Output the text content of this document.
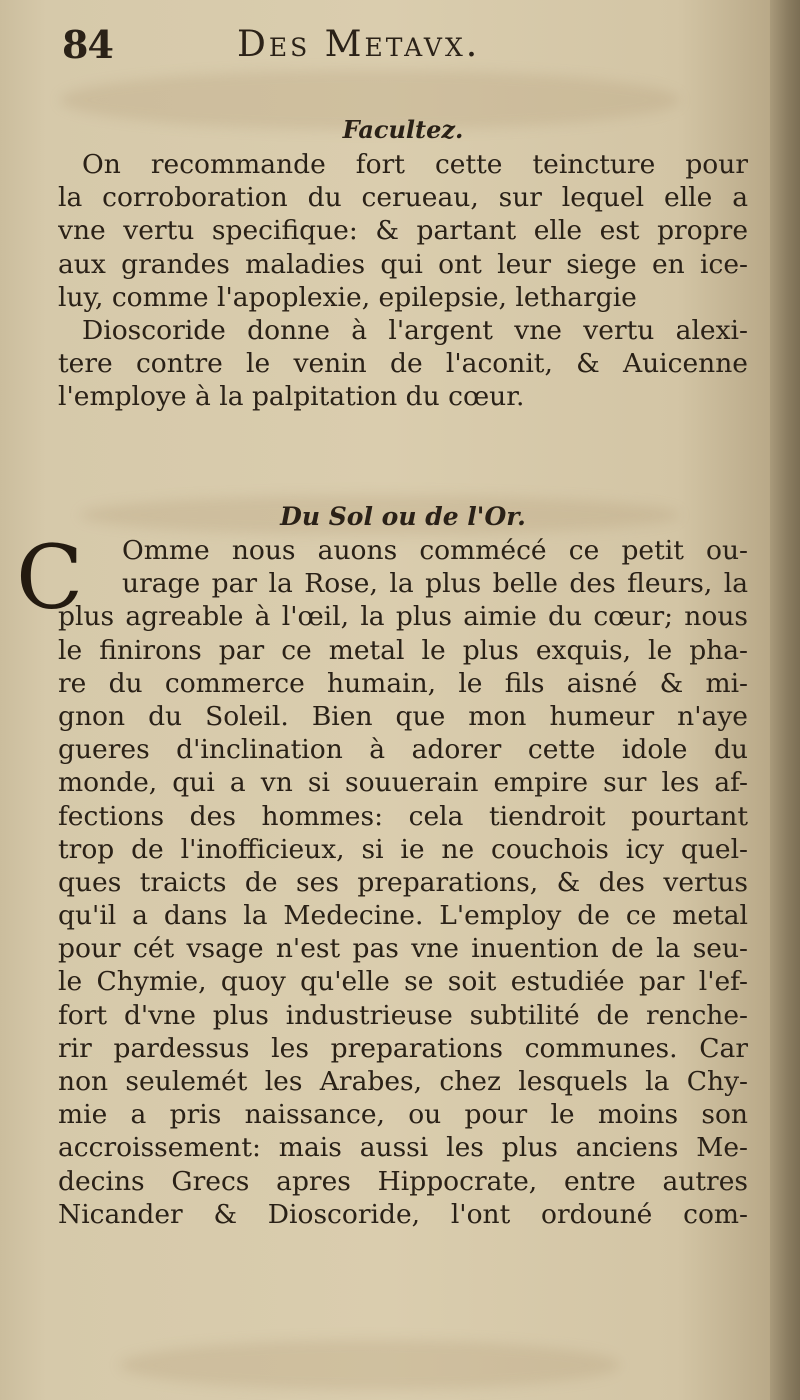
84	Des Metavx.
Facultez.
On recommande fort cette teincture pour
la corroboration du cerueau, sur lequel elle a
vne vertu specifique: & partant elle est propre
aux grandes maladies qui ont leur siege en ice-
luy, comme l'apoplexie, epilepsie, lethargie
Dioscoride donne à l'argent vne vertu alexi-
tere contre le venin de l'aconit, & Auicenne
l'employe à la palpitation du cœur.
C
Du Sol ou de l'Or.
Omme nous auons commécé ce petit ou-
urage par la Rose, la plus belle des fleurs, la
plus agreable à l'œil, la plus aimie du cœur; nous
le finirons par ce metal le plus exquis, le pha-
re du commerce humain, le fils aisné & mi-
gnon du Soleil. Bien que mon humeur n'aye
gueres d'inclination à adorer cette idole du
monde, qui a vn si souuerain empire sur les af-
fections des hommes: cela tiendroit pourtant
trop de l'inofficieux, si ie ne couchois icy quel-
ques traicts de ses preparations, & des vertus
qu'il a dans la Medecine. L'employ de ce metal
pour cét vsage n'est pas vne inuention de la seu-
le Chymie, quoy qu'elle se soit estudiée par l'ef-
fort d'vne plus industrieuse subtilité de renche-
rir pardessus les preparations communes. Car
non seulemét les Arabes, chez lesquels la Chy-
mie a pris naissance, ou pour le moins son
accroissement: mais aussi les plus anciens Me-
decins Grecs apres Hippocrate, entre autres
Nicander & Dioscoride, l'ont ordouné com-
